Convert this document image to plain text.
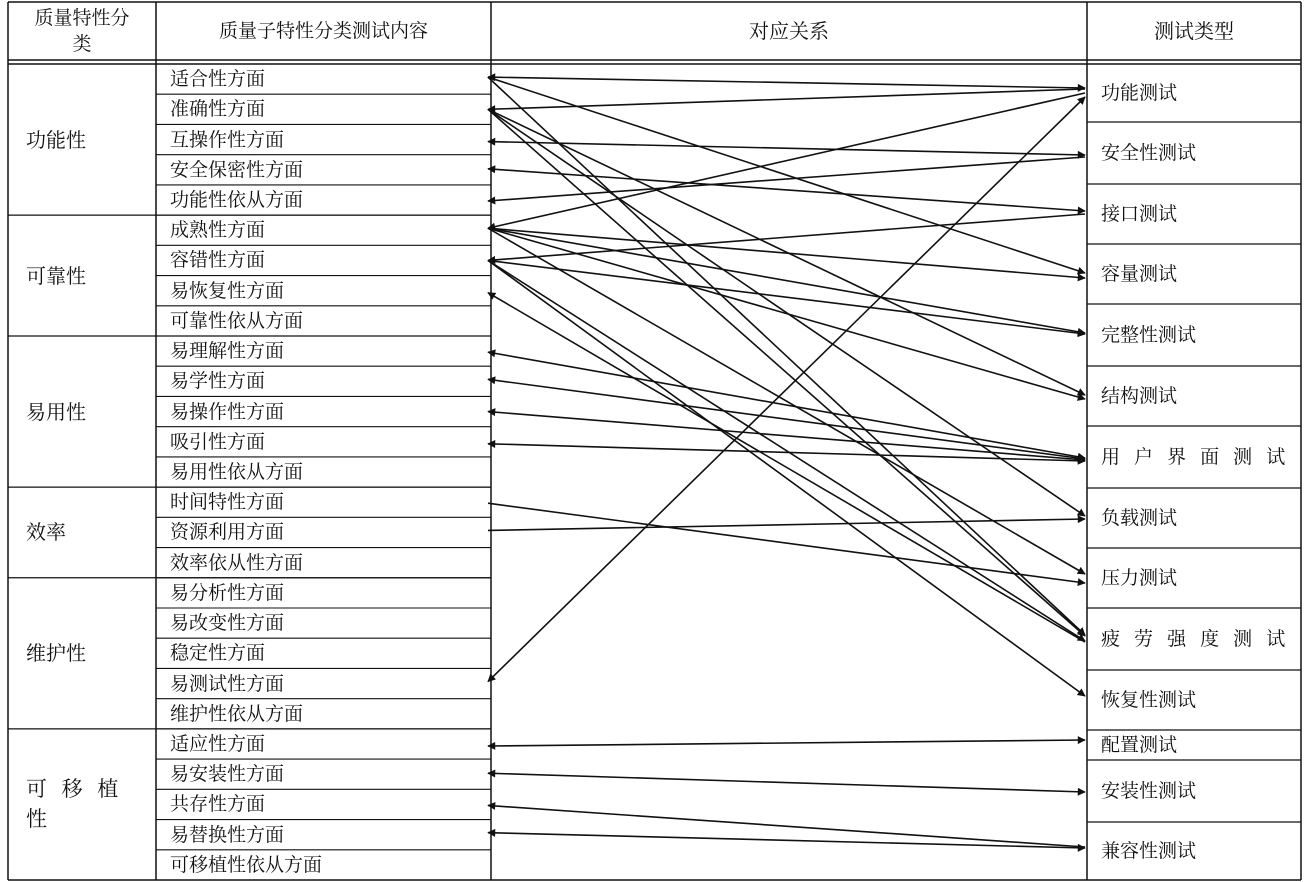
质量特性分类
质量子特性分类测试内容	对应关系	测试类型
功能性
可靠性
易用性
效率
维护性
可 移 植 性
适合性方面
准确性方面
互操作性方面
安全保密性方面
功能性依从方面
成熟性方面
容错性方面
易恢复性方面
可靠性依从方面
易理解性方面
易学性方面
易操作性方面
吸引性方面
易用性依从方面
时间特性方面
资源利用方面
效率依从性方面
易分析性方面
易改变性方面
稳定性方面
易测试性方面
维护性依从方面
适应性方面
易安装性方面
共存性方面
易替换性方面
可移植性依从方面
功能测试
安全性测试
接口测试
容量测试
完整性测试
结构测试
用 户 界 面 测 试
负载测试
压力测试
疲 劳 强 度 测 试
恢复性测试
配置测试
安装性测试
兼容性测试
